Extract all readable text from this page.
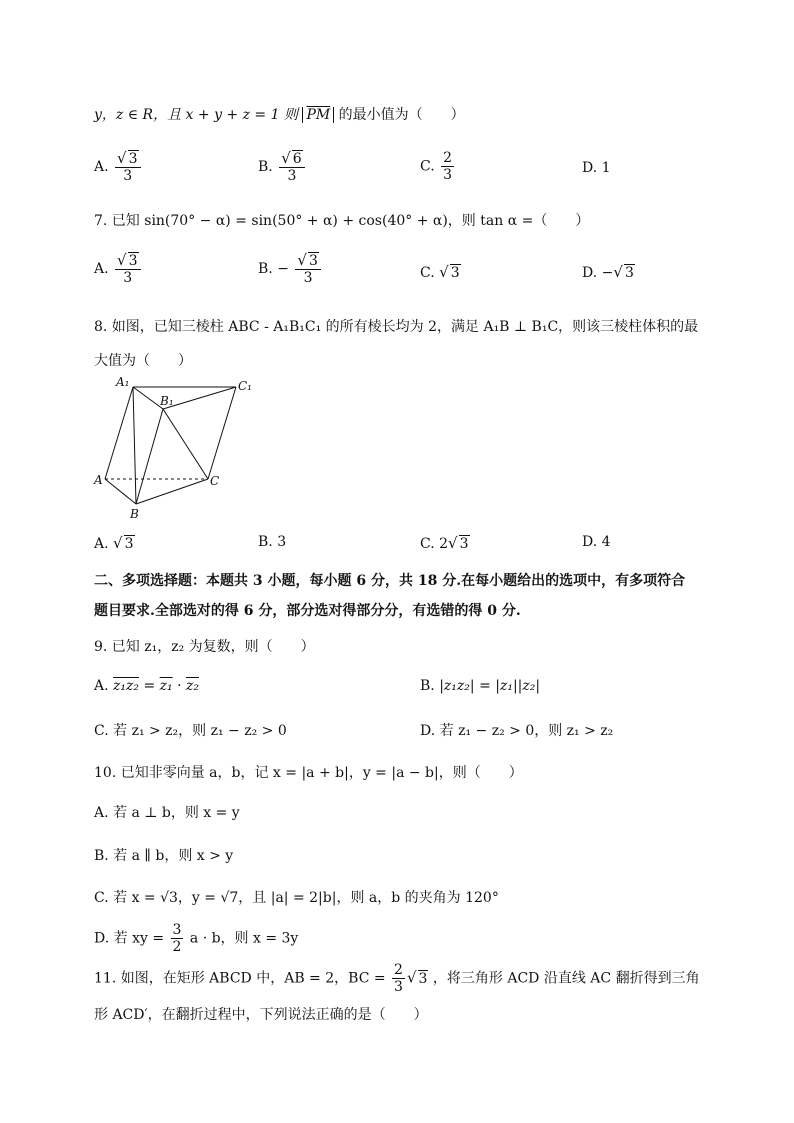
y，z ∈ R，且 x + y + z = 1 则 $\overline{PM}$ 的最小值为（　　）
A. $\frac{√ 3}{3}$	B. $\frac{√ 6}{3}$	C. $\frac{2}{3}$	D. 1
7. 已知 sin(70° − α) = sin(50° + α) + cos(40° + α)，则 tan α =（　　）
A. $\frac{√ 3}{3}$	B. − $\frac{√ 3}{3}$	C. √ 3	D. −√ 3
8. 如图，已知三棱柱 ABC - A₁B₁C₁ 的所有棱长均为 2，满足 A₁B ⊥ B₁C，则该三棱柱体积的最
大值为（　　）
A₁	C₁
B₁
A	C
B
A. √ 3	B. 3	C. 2√ 3	D. 4
二、多项选择题：本题共 3 小题，每小题 6 分，共 18 分.在每小题给出的选项中，有多项符合
题目要求.全部选对的得 6 分，部分选对得部分分，有选错的得 0 分.
9. 已知 z₁，z₂ 为复数，则（　　）
A. z₁z₂ = z₁ · z₂	B. |z₁z₂| = |z₁||z₂|
C. 若 z₁ > z₂，则 z₁ − z₂ > 0	D. 若 z₁ − z₂ > 0，则 z₁ > z₂
10. 已知非零向量 a，b，记 x = |a + b|，y = |a − b|，则（　　）
A. 若 a ⊥ b，则 x = y
B. 若 a ∥ b，则 x > y
C. 若 x = √3，y = √7，且 |a| = 2|b|，则 a，b 的夹角为 120°
D. 若 xy = $\frac{3}{2}$ a · b，则 x = 3y
11. 如图，在矩形 ABCD 中，AB = 2，BC = $\frac{2}{3}$ √ 3 ，将三角形 ACD 沿直线 AC 翻折得到三角
形 ACD′，在翻折过程中，下列说法正确的是（　　）
